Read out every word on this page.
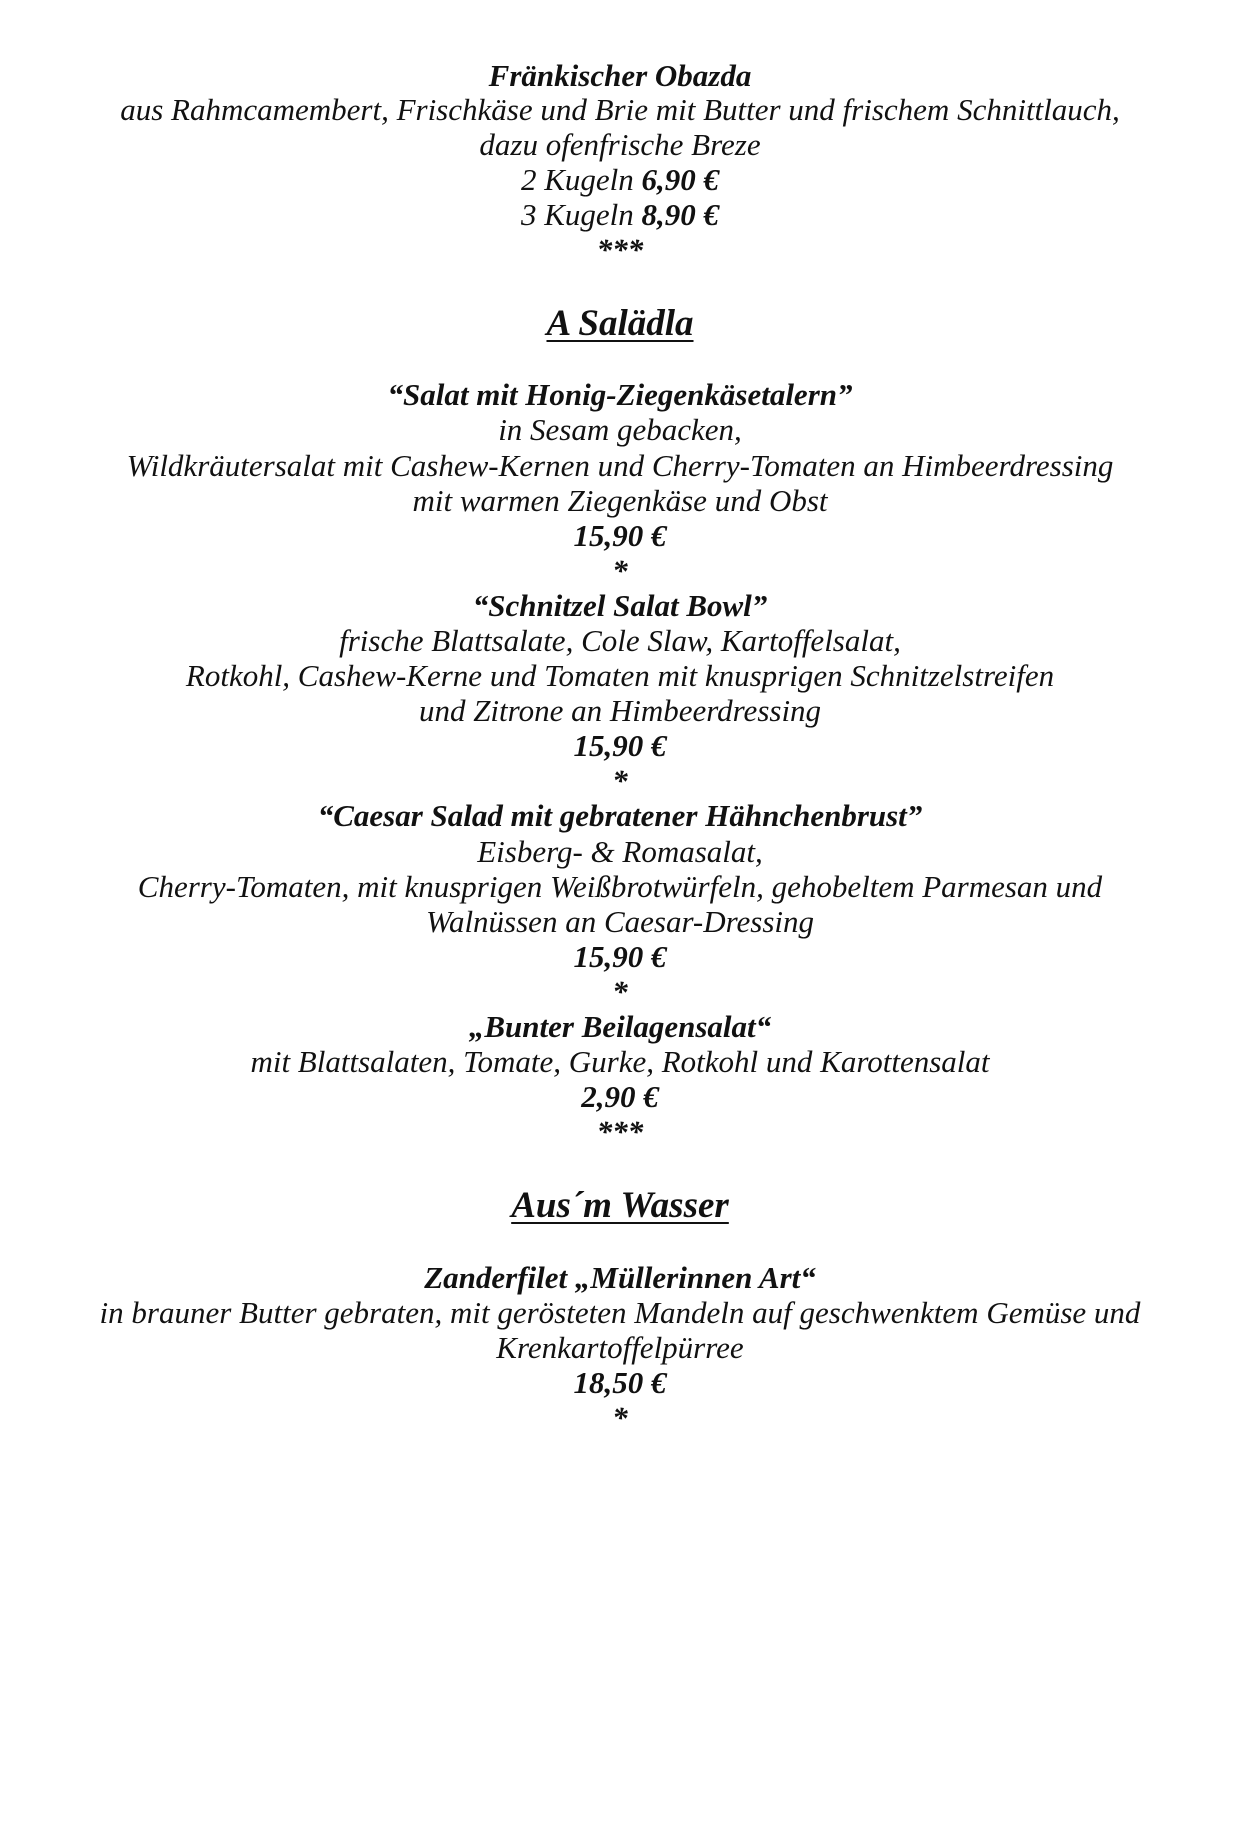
Fränkischer Obazda
aus Rahmcamembert, Frischkäse und Brie mit Butter und frischem Schnittlauch,
dazu ofenfrische Breze
2 Kugeln 6,90 €
3 Kugeln 8,90 €
***
A Salädla
“Salat mit Honig-Ziegenkäsetalern”
in Sesam gebacken,
Wildkräutersalat mit Cashew-Kernen und Cherry-Tomaten an Himbeerdressing
mit warmen Ziegenkäse und Obst
15,90 €
*
“Schnitzel Salat Bowl”
frische Blattsalate, Cole Slaw, Kartoffelsalat,
Rotkohl, Cashew-Kerne und Tomaten mit knusprigen Schnitzelstreifen
und Zitrone an Himbeerdressing
15,90 €
*
“Caesar Salad mit gebratener Hähnchenbrust”
Eisberg- & Romasalat,
Cherry-Tomaten, mit knusprigen Weißbrotwürfeln, gehobeltem Parmesan und
Walnüssen an Caesar-Dressing
15,90 €
*
„Bunter Beilagensalat“
mit Blattsalaten, Tomate, Gurke, Rotkohl und Karottensalat
2,90 €
***
Aus´m Wasser
Zanderfilet „Müllerinnen Art“
in brauner Butter gebraten, mit gerösteten Mandeln auf geschwenktem Gemüse und
Krenkartoffelpürree
18,50 €
*
